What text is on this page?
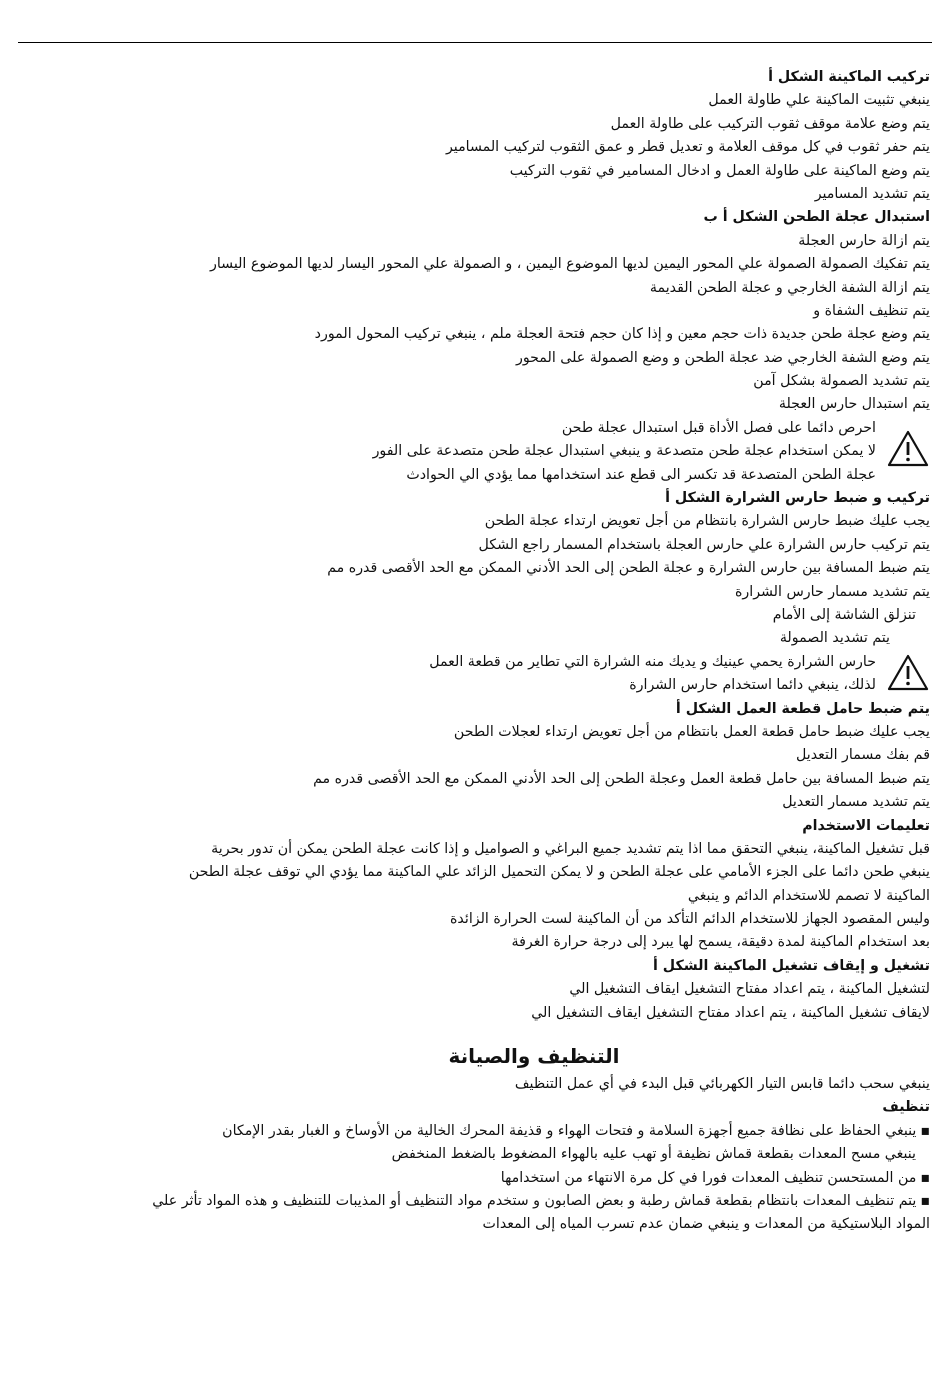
تركيب الماكينة الشكل أ
ينبغي تثبيت الماكينة علي طاولة العمل
يتم وضع علامة موقف ثقوب التركيب على طاولة العمل
يتم حفر ثقوب في كل موقف العلامة و تعديل قطر و عمق الثقوب لتركيب المسامير
يتم وضع الماكينة على طاولة العمل و ادخال المسامير في ثقوب التركيب
يتم تشديد المسامير
استبدال عجلة الطحن الشكل أ ب
يتم ازالة حارس العجلة
يتم تفكيك الصمولة الصمولة علي المحور اليمين لديها الموضوع اليمين ، و الصمولة علي المحور اليسار لديها الموضوع اليسار
يتم ازالة الشفة الخارجي و عجلة الطحن القديمة
يتم تنظيف الشفاة و
يتم وضع عجلة طحن جديدة ذات حجم معين و إذا كان حجم فتحة العجلة ملم ، ينبغي تركيب المحول المورد
يتم وضع الشفة الخارجي ضد عجلة الطحن و وضع الصمولة على المحور
يتم تشديد الصمولة بشكل آمن
يتم استبدال حارس العجلة
احرص دائما على فصل الأداة قبل استبدال عجلة طحن
لا يمكن استخدام عجلة طحن متصدعة و ينبغي استبدال عجلة طحن متصدعة على الفور
عجلة الطحن المتصدعة قد تكسر الى قطع عند استخدامها مما يؤدي الي الحوادث
تركيب و ضبط حارس الشرارة الشكل أ
يجب عليك ضبط حارس الشرارة بانتظام من أجل تعويض ارتداء عجلة الطحن
يتم تركيب حارس الشرارة علي حارس العجلة باستخدام المسمار راجع الشكل
يتم ضبط المسافة بين حارس الشرارة و عجلة الطحن إلى الحد الأدني الممكن مع الحد الأقصى قدره مم
يتم تشديد مسمار حارس الشرارة
تنزلق الشاشة إلى الأمام
يتم تشديد الصمولة
حارس الشرارة يحمي عينيك و يديك منه الشرارة التي تطاير من قطعة العمل
لذلك، ينبغي دائما استخدام حارس الشرارة
يتم ضبط حامل قطعة العمل الشكل أ
يجب عليك ضبط حامل قطعة العمل بانتظام من أجل تعويض ارتداء لعجلات الطحن
قم بفك مسمار التعديل
يتم ضبط المسافة بين حامل قطعة العمل وعجلة الطحن إلى الحد الأدني الممكن مع الحد الأقصى قدره مم
يتم تشديد مسمار التعديل
تعليمات الاستخدام
قبل تشغيل الماكينة، ينبغي التحقق مما اذا يتم تشديد جميع البراغي و الصواميل و إذا كانت عجلة الطحن يمكن أن تدور بحرية
ينبغي طحن دائما على الجزء الأمامي على عجلة الطحن و لا يمكن التحميل الزائد علي الماكينة مما يؤدي الي توقف عجلة الطحن
الماكينة لا تصمم للاستخدام الدائم و ينبغي
وليس المقصود الجهاز للاستخدام الدائم التأكد من أن الماكينة لست الحرارة الزائدة
بعد استخدام الماكينة لمدة دقيقة، يسمح لها يبرد إلى درجة حرارة الغرفة
تشغيل و إيقاف تشغيل الماكينة الشكل أ
لتشغيل الماكينة ، يتم اعداد مفتاح التشغيل ايقاف التشغيل الي
لايقاف تشغيل الماكينة ، يتم اعداد مفتاح التشغيل ايقاف التشغيل الي
التنظيف والصيانة
ينبغي سحب دائما قابس التيار الكهربائي قبل البدء في أي عمل التنظيف
تنظيف
▪ ينبغي الحفاظ على نظافة جميع أجهزة السلامة و فتحات الهواء و قذيفة المحرك الخالية من الأوساخ و الغبار بقدر الإمكان
ينبغي مسح المعدات بقطعة قماش نظيفة أو تهب عليه بالهواء المضغوط بالضغط المنخفض
▪ من المستحسن تنظيف المعدات فورا في كل مرة الانتهاء من استخدامها
▪ يتم تنظيف المعدات بانتظام بقطعة قماش رطبة و بعض الصابون و ستخدم مواد التنظيف أو المذيبات للتنظيف و هذه المواد تأثر علي
المواد البلاستيكية من المعدات و ينبغي ضمان عدم تسرب المياه إلى المعدات
